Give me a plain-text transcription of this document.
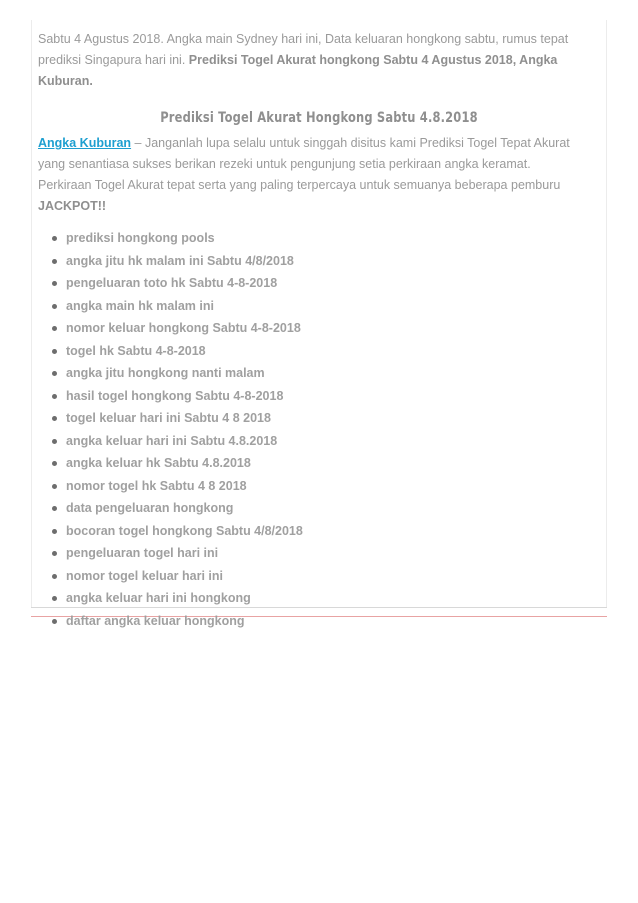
Sabtu 4 Agustus 2018. Angka main Sydney hari ini, Data keluaran hongkong sabtu, rumus tepat prediksi Singapura hari ini. Prediksi Togel Akurat hongkong Sabtu 4 Agustus 2018, Angka Kuburan.

Prediksi Togel Akurat Hongkong Sabtu 4.8.2018

Angka Kuburan – Janganlah lupa selalu untuk singgah disitus kami Prediksi Togel Tepat Akurat yang senantiasa sukses berikan rezeki untuk pengunjung setia perkiraan angka keramat.

Perkiraan Togel Akurat tepat serta yang paling terpercaya untuk semuanya beberapa pemburu
JACKPOT!!

prediksi hongkong pools
angka jitu hk malam ini Sabtu 4/8/2018
pengeluaran toto hk Sabtu 4-8-2018
angka main hk malam ini
nomor keluar hongkong Sabtu 4-8-2018
togel hk Sabtu 4-8-2018
angka jitu hongkong nanti malam
hasil togel hongkong Sabtu 4-8-2018
togel keluar hari ini Sabtu 4 8 2018
angka keluar hari ini Sabtu 4.8.2018
angka keluar hk Sabtu 4.8.2018
nomor togel hk Sabtu 4 8 2018
data pengeluaran hongkong
bocoran togel hongkong Sabtu 4/8/2018
pengeluaran togel hari ini
nomor togel keluar hari ini
angka keluar hari ini hongkong
daftar angka keluar hongkong
